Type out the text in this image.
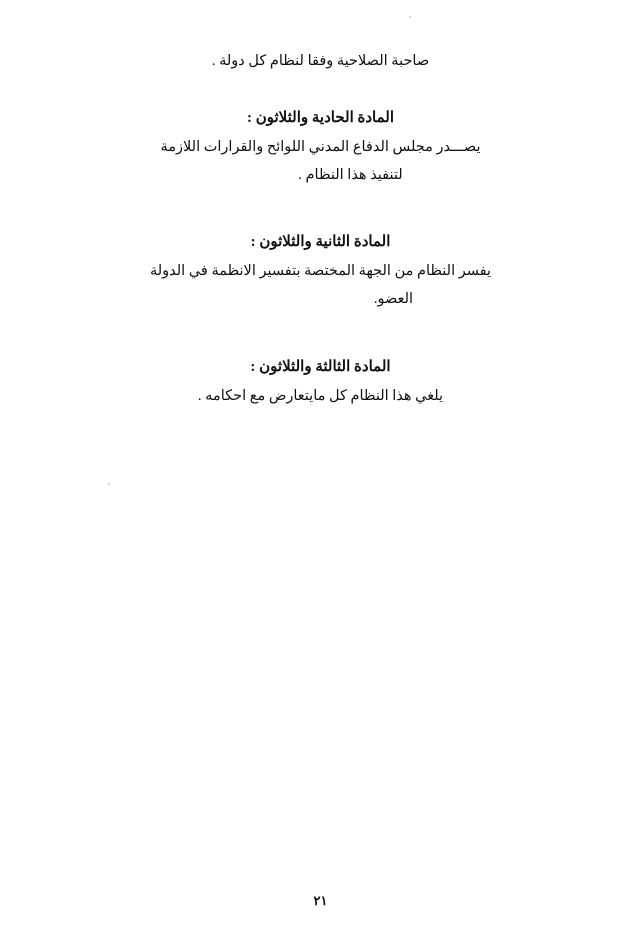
صاحبة الصلاحية وفقا لنظام كل دولة .

المادة الحادية والثلاثون :

يصـــدر مجلس الدفاع المدني اللوائح والقرارات اللازمة

لتنفيذ هذا النظام .

المادة الثانية والثلاثون :

يفسر النظام من الجهة المختصة بتفسير الانظمة في الدولة

العضو.

المادة الثالثة والثلاثون :

يلغي هذا النظام كل مايتعارض مع احكامه .

٢١
